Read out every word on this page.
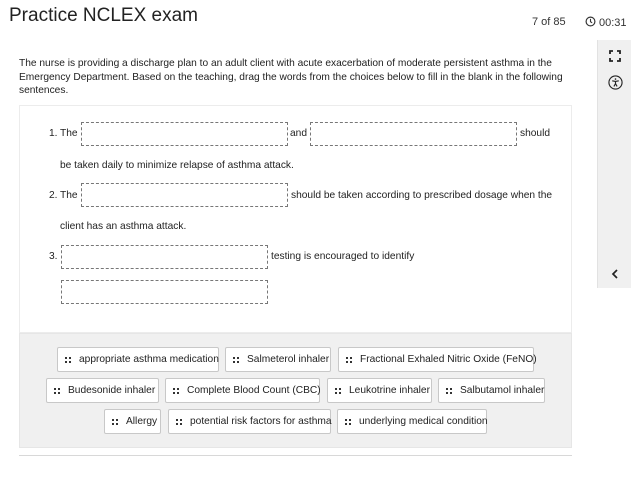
Practice NCLEX exam	7 of 85	00:31
The nurse is providing a discharge plan to an adult client with acute exacerbation of moderate persistent asthma in the Emergency Department. Based on the teaching, drag the words from the choices below to fill in the blank in the following sentences.
1. The	and	should
be taken daily to minimize relapse of asthma attack.
2. The	should be taken according to prescribed dosage when the
client has an asthma attack.
3.	testing is encouraged to identify
appropriate asthma medication	Salmeterol inhaler	Fractional Exhaled Nitric Oxide (FeNO)
Budesonide inhaler	Complete Blood Count (CBC)	Leukotrine inhaler	Salbutamol inhaler
Allergy	potential risk factors for asthma	underlying medical condition
